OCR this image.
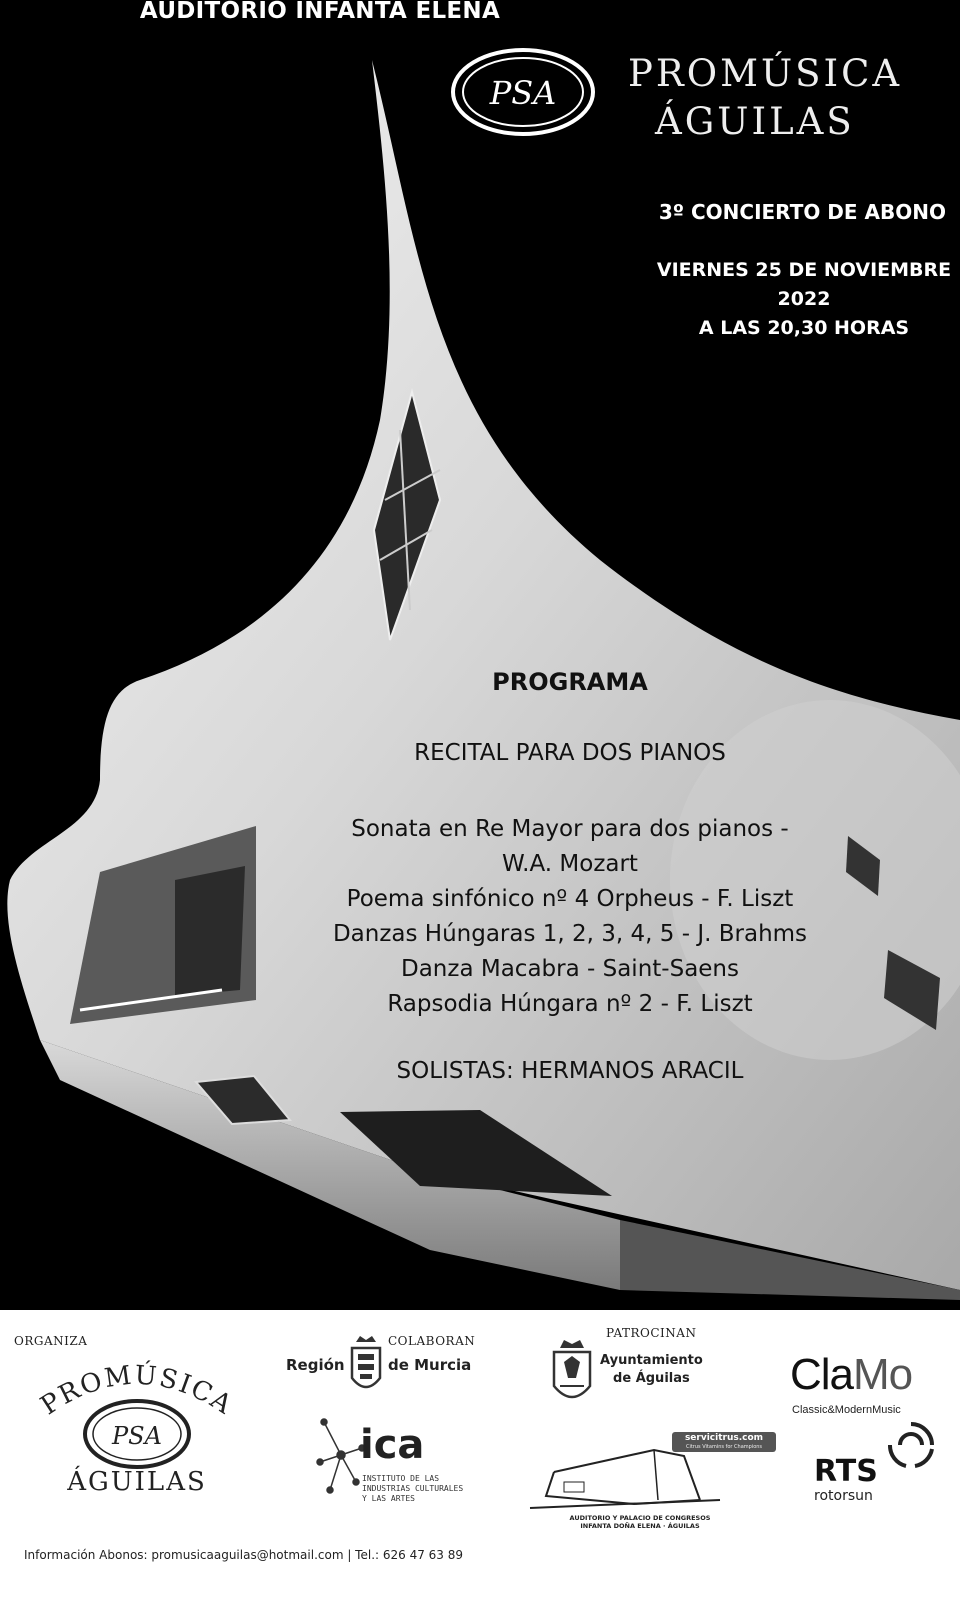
AUDITORIO INFANTA ELENA
PSA PROMÚSICA
ÁGUILAS
3º CONCIERTO DE ABONO
VIERNES 25 DE NOVIEMBRE
2022
A LAS 20,30 HORAS
PROGRAMA
RECITAL PARA DOS PIANOS
Sonata en Re Mayor para dos pianos -
W.A. Mozart
Poema sinfónico nº 4 Orpheus - F. Liszt
Danzas Húngaras 1, 2, 3, 4, 5 - J. Brahms
Danza Macabra - Saint-Saens
Rapsodia Húngara nº 2 - F. Liszt
SOLISTAS: HERMANOS ARACIL
ORGANIZA	COLABORAN
PATROCINAN
PROMÚSICA
PSA
ÁGUILAS
Región	de Murcia
ica
INSTITUTO DE LAS
INDUSTRIAS CULTURALES
Y LAS ARTES
Ayuntamiento
de Águilas ClaMo
Classic&ModernMusic
servicitrus.com
Citrus Vitamins for Champions
AUDITORIO Y PALACIO DE CONGRESOS
INFANTA DOÑA ELENA · ÁGUILAS
RTS
rotorsun
Información Abonos: promusicaaguilas@hotmail.com | Tel.: 626 47 63 89
